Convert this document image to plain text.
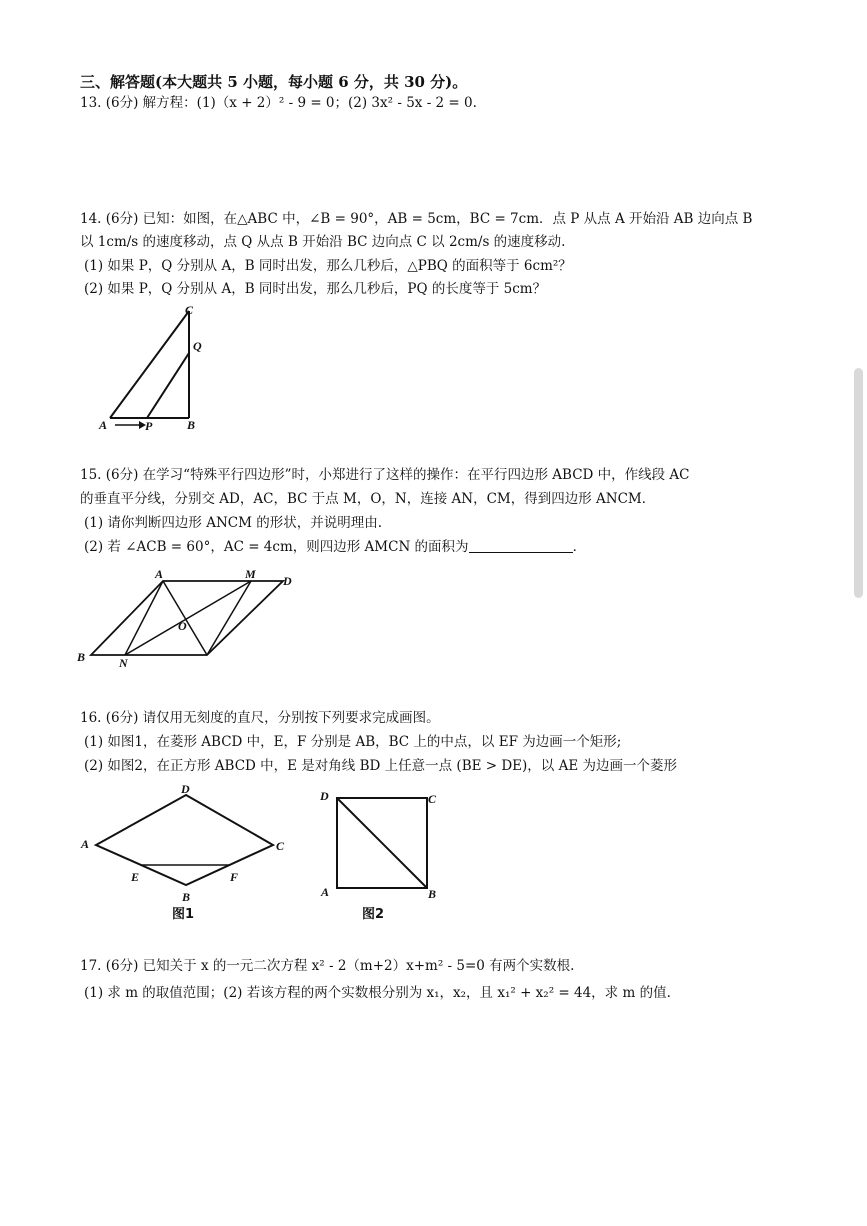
三、解答题(本大题共 5 小题，每小题 6 分，共 30 分)。
13. (6分) 解方程：(1)（x + 2）² - 9 = 0；(2) 3x² - 5x - 2 = 0.
14. (6分) 已知：如图，在△ABC 中，∠B = 90°，AB = 5cm，BC = 7cm．点 P 从点 A 开始沿 AB 边向点 B
以 1cm/s 的速度移动，点 Q 从点 B 开始沿 BC 边向点 C 以 2cm/s 的速度移动.
(1) 如果 P，Q 分别从 A，B 同时出发，那么几秒后，△PBQ 的面积等于 6cm²？
(2) 如果 P，Q 分别从 A，B 同时出发，那么几秒后，PQ 的长度等于 5cm？
A	P	B
Q
C
15. (6分) 在学习“特殊平行四边形”时，小郑进行了这样的操作：在平行四边形 ABCD 中，作线段 AC
的垂直平分线，分别交 AD，AC，BC 于点 M，O，N，连接 AN，CM，得到四边形 ANCM．
(1) 请你判断四边形 ANCM 的形状，并说明理由.
(2) 若 ∠ACB = 60°，AC = 4cm，则四边形 AMCN 的面积为	．
A	M D
O
B	N
16. (6分) 请仅用无刻度的直尺，分别按下列要求完成画图。
(1) 如图1，在菱形 ABCD 中，E，F 分别是 AB，BC 上的中点，以 EF 为边画一个矩形;
(2) 如图2，在正方形 ABCD 中，E 是对角线 BD 上任意一点 (BE > DE)，以 AE 为边画一个菱形
D
A	C
E	F
B
图1
D	C
A	B
图2
17. (6分) 已知关于 x 的一元二次方程 x² - 2（m+2）x+m² - 5=0 有两个实数根.
(1) 求 m 的取值范围；(2) 若该方程的两个实数根分别为 x₁，x₂，且 x₁² + x₂² = 44，求 m 的值.
